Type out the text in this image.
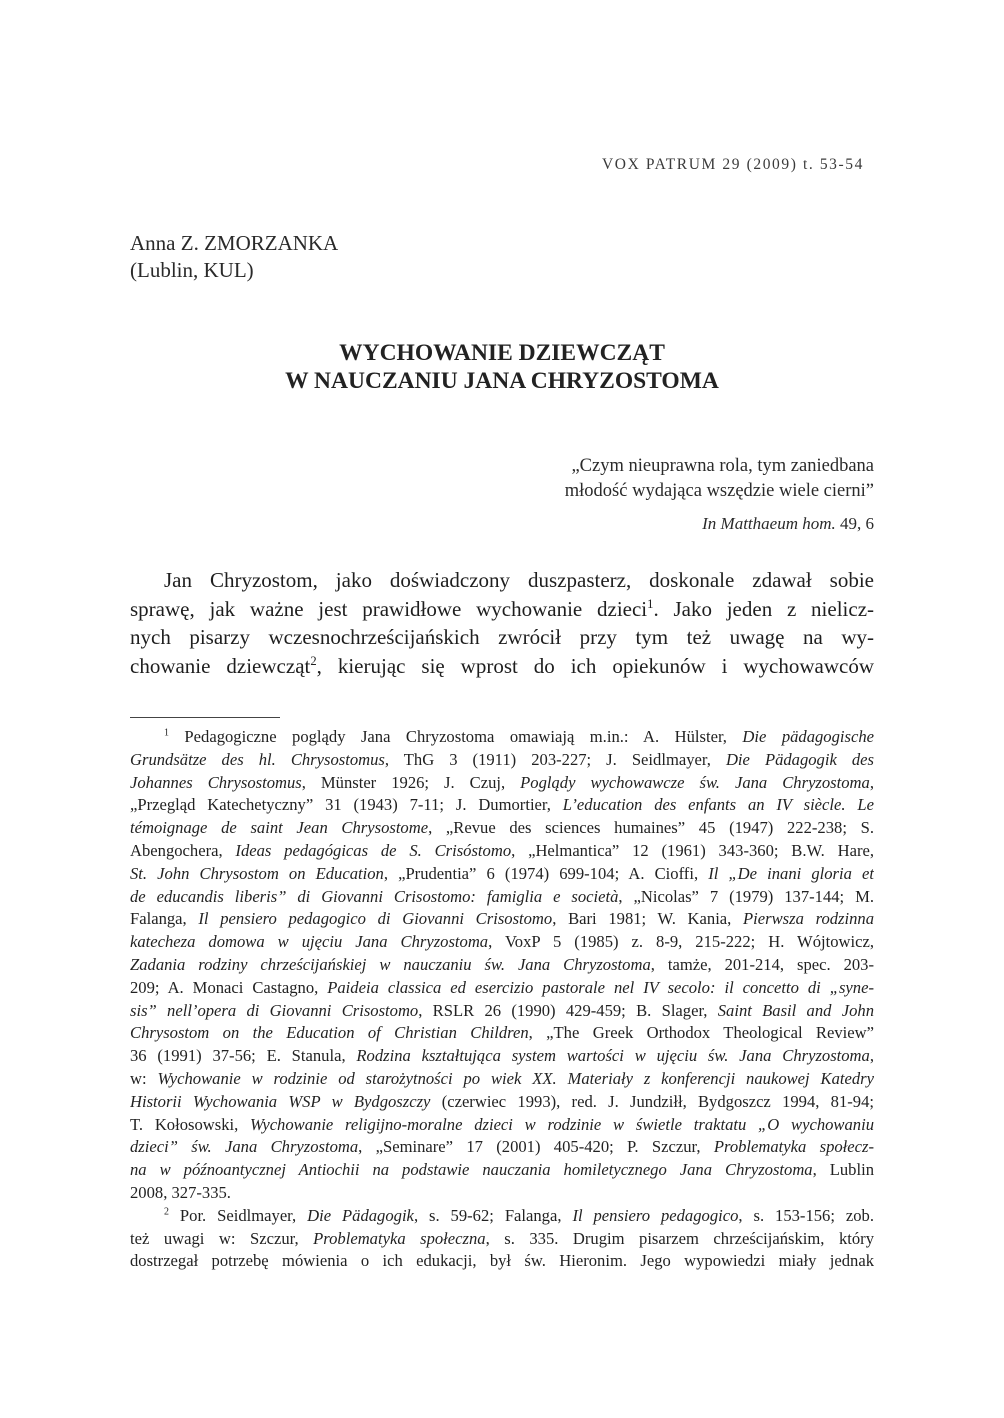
VOX PATRUM 29 (2009) t. 53-54
Anna Z. ZMORZANKA
(Lublin, KUL)
WYCHOWANIE DZIEWCZĄT
W NAUCZANIU JANA CHRYZOSTOMA
„Czym nieuprawna rola, tym zaniedbana
młodość wydająca wszędzie wiele cierni”
In Matthaeum hom. 49, 6
Jan Chryzostom, jako doświadczony duszpasterz, doskonale zdawał sobie
sprawę, jak ważne jest prawidłowe wychowanie dzieci$^1$. Jako jeden z nielicz-
nych pisarzy wczesnochrześcijańskich zwrócił przy tym też uwagę na wy-
chowanie dziewcząt$^2$, kierując się wprost do ich opiekunów i wychowawców
$^1$ Pedagogiczne poglądy Jana Chryzostoma omawiają m.in.: A. Hülster, Die pädagogische
Grundsätze des hl. Chrysostomus, ThG 3 (1911) 203-227; J. Seidlmayer, Die Pädagogik des
Johannes Chrysostomus, Münster 1926; J. Czuj, Poglądy wychowawcze św. Jana Chryzostoma,
„Przegląd Katechetyczny” 31 (1943) 7-11; J. Dumortier, L’education des enfants an IV siècle. Le
témoignage de saint Jean Chrysostome, „Revue des sciences humaines” 45 (1947) 222-238; S.
Abengochera, Ideas pedagógicas de S. Crisóstomo, „Helmantica” 12 (1961) 343-360; B.W. Hare,
St. John Chrysostom on Education, „Prudentia” 6 (1974) 699-104; A. Cioffi, Il „De inani gloria et
de educandis liberis” di Giovanni Crisostomo: famiglia e società, „Nicolas” 7 (1979) 137-144; M.
Falanga, Il pensiero pedagogico di Giovanni Crisostomo, Bari 1981; W. Kania, Pierwsza rodzinna
katecheza domowa w ujęciu Jana Chryzostoma, VoxP 5 (1985) z. 8-9, 215-222; H. Wójtowicz,
Zadania rodziny chrześcijańskiej w nauczaniu św. Jana Chryzostoma, tamże, 201-214, spec. 203-
209; A. Monaci Castagno, Paideia classica ed esercizio pastorale nel IV secolo: il concetto di „syne-
sis” nell’opera di Giovanni Crisostomo, RSLR 26 (1990) 429-459; B. Slager, Saint Basil and John
Chrysostom on the Education of Christian Children, „The Greek Orthodox Theological Review”
36 (1991) 37-56; E. Stanula, Rodzina kształtująca system wartości w ujęciu św. Jana Chryzostoma,
w: Wychowanie w rodzinie od starożytności po wiek XX. Materiały z konferencji naukowej Katedry
Historii Wychowania WSP w Bydgoszczy (czerwiec 1993), red. J. Jundziłł, Bydgoszcz 1994, 81-94;
T. Kołosowski, Wychowanie religijno-moralne dzieci w rodzinie w świetle traktatu „O wychowaniu
dzieci” św. Jana Chryzostoma, „Seminare” 17 (2001) 405-420; P. Szczur, Problematyka społecz-
na w późnoantycznej Antiochii na podstawie nauczania homiletycznego Jana Chryzostoma, Lublin
2008, 327-335.
$^2$ Por. Seidlmayer, Die Pädagogik, s. 59-62; Falanga, Il pensiero pedagogico, s. 153-156; zob.
też uwagi w: Szczur, Problematyka społeczna, s. 335. Drugim pisarzem chrześcijańskim, który
dostrzegał potrzebę mówienia o ich edukacji, był św. Hieronim. Jego wypowiedzi miały jednak
